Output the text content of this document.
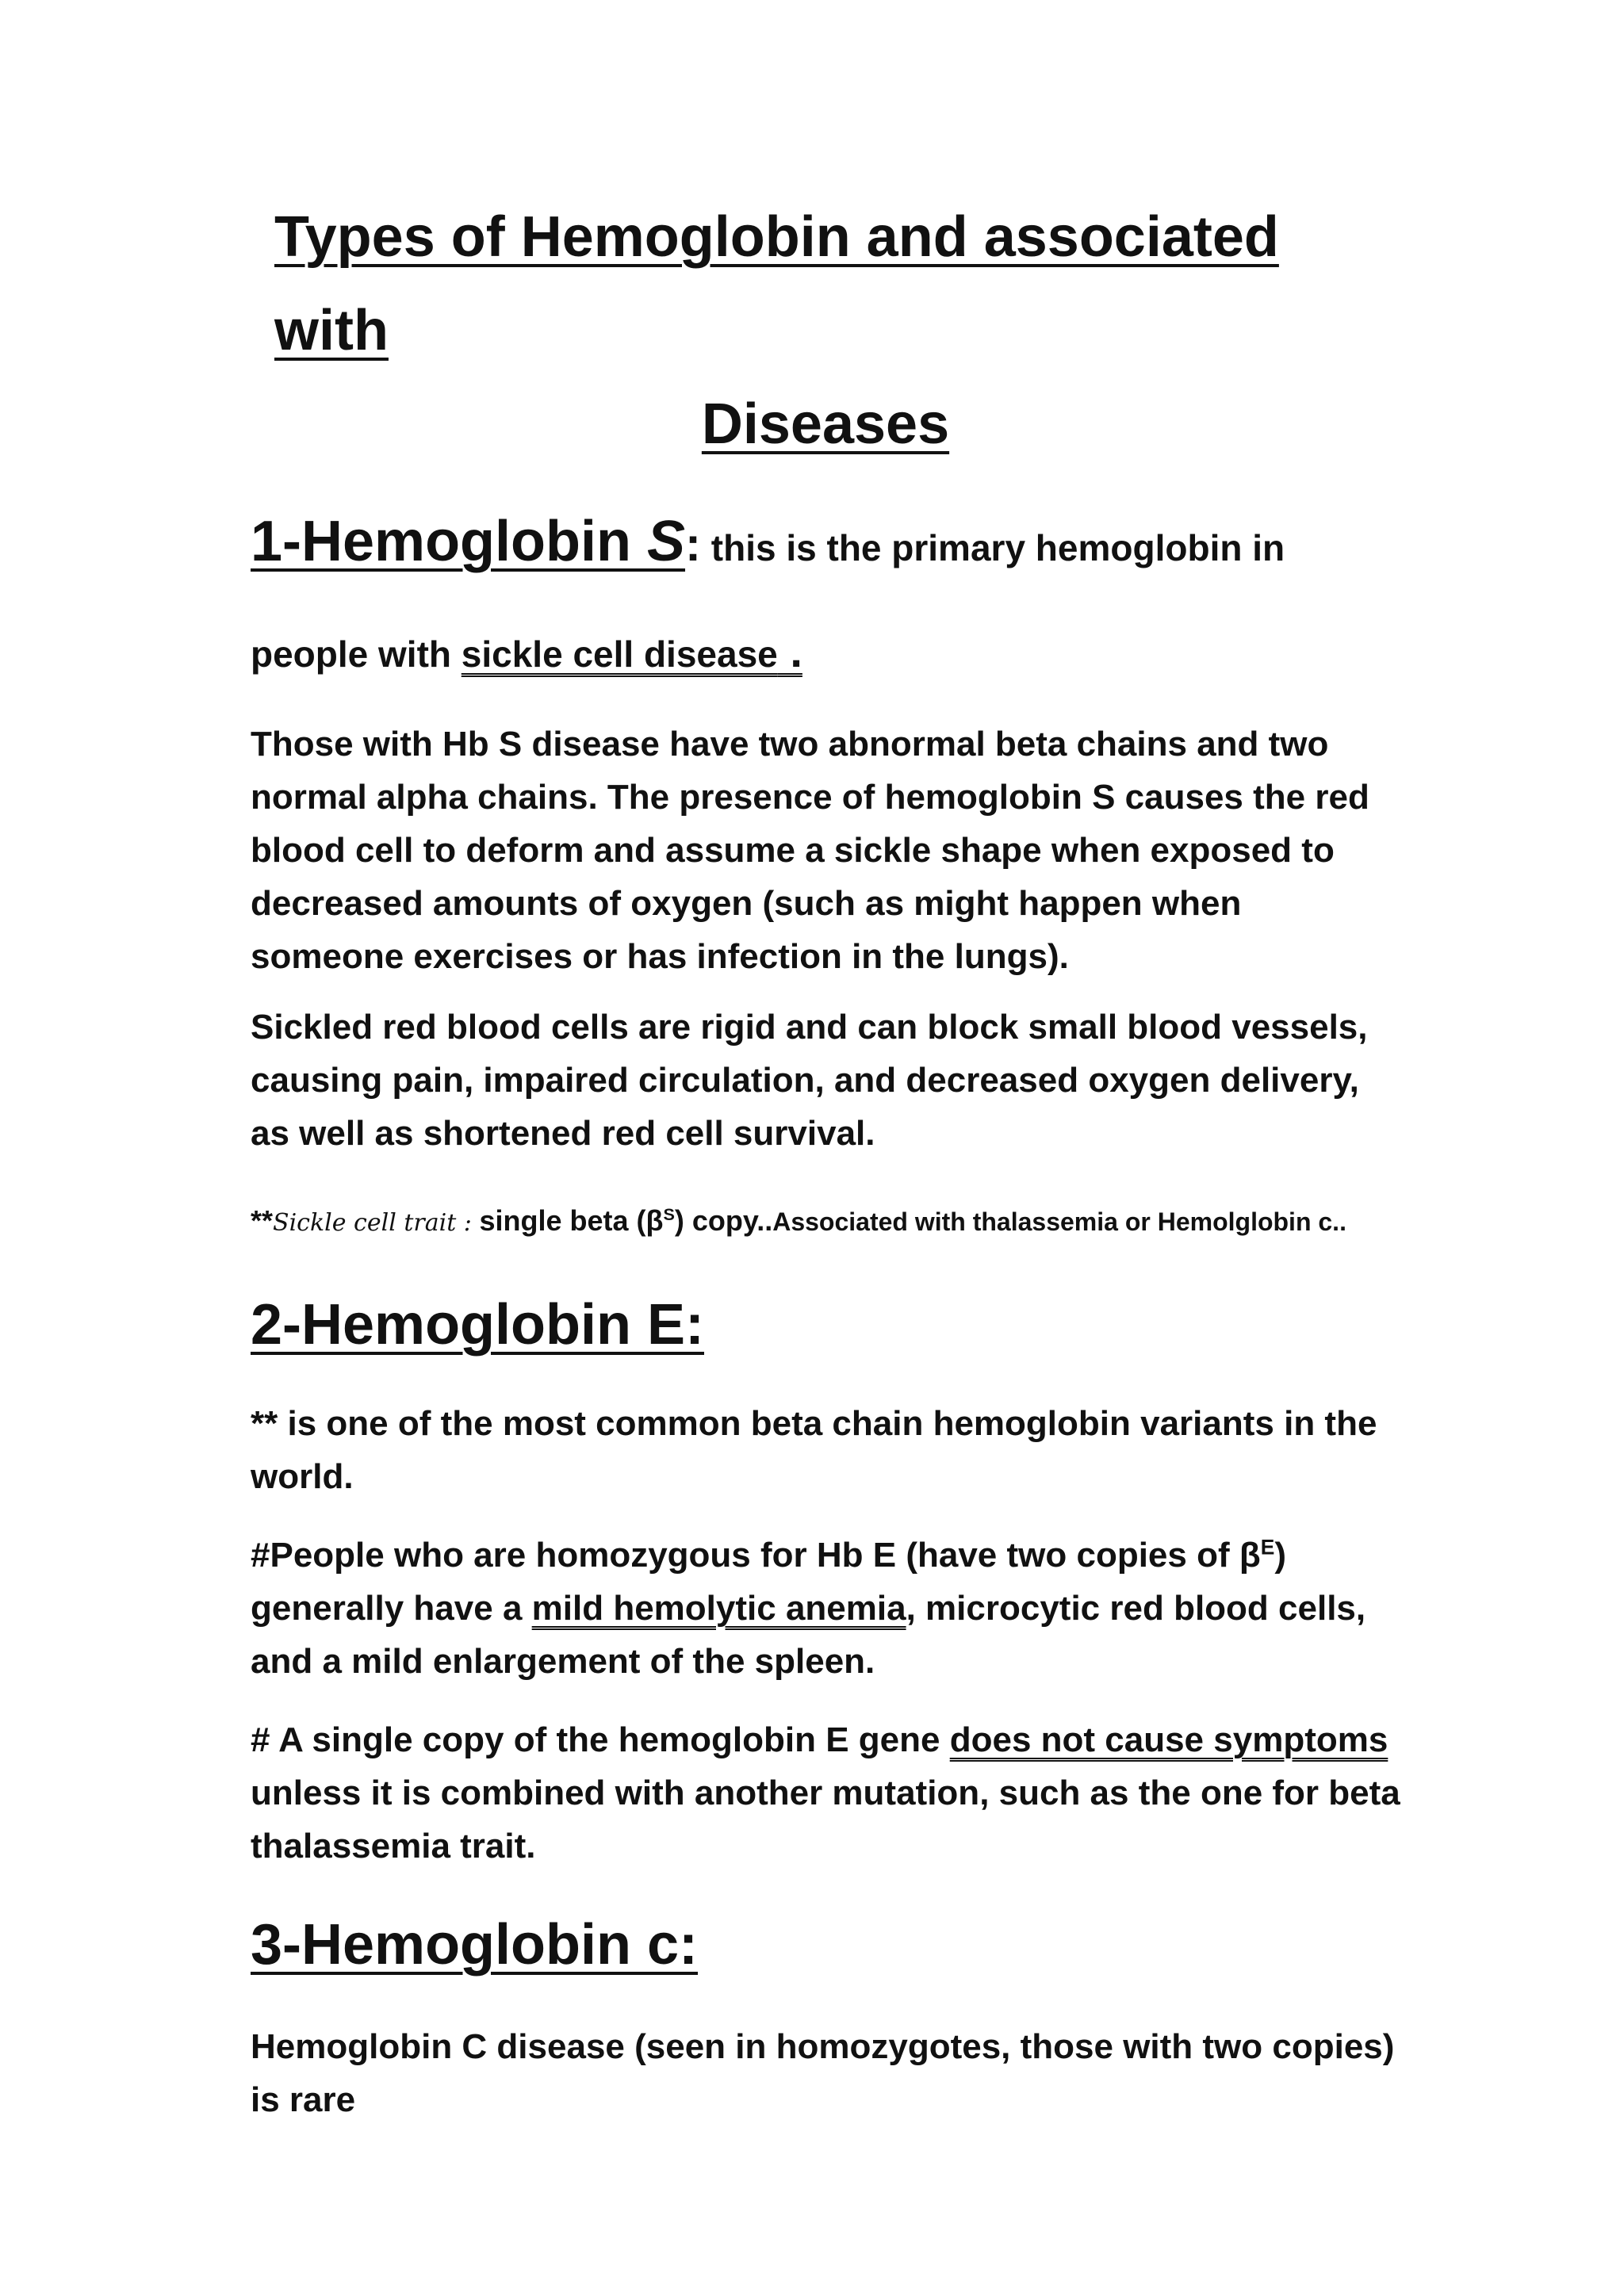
Types of Hemoglobin and associated with
Diseases

1-Hemoglobin S: this is the primary hemoglobin in

people with sickle cell disease .

Those with Hb S disease have two abnormal beta chains and two normal alpha chains. The presence of hemoglobin S causes the red blood cell to deform and assume a sickle shape when exposed to decreased amounts of oxygen (such as might happen when someone exercises or has infection in the lungs).

Sickled red blood cells are rigid and can block small blood vessels, causing pain, impaired circulation, and decreased oxygen delivery, as well as shortened red cell survival.

**Sickle cell trait : single beta $(\beta^S)$ copy..Associated with thalassemia or Hemolglobin c..

2-Hemoglobin E:

** is one of the most common beta chain hemoglobin variants in the world.

#People who are homozygous for Hb E (have two copies of $\beta^E$) generally have a mild hemolytic anemia, microcytic red blood cells, and a mild enlargement of the spleen.

# A single copy of the hemoglobin E gene does not cause symptoms unless it is combined with another mutation, such as the one for beta thalassemia trait.

3-Hemoglobin c:

Hemoglobin C disease (seen in homozygotes, those with two copies) is rare
